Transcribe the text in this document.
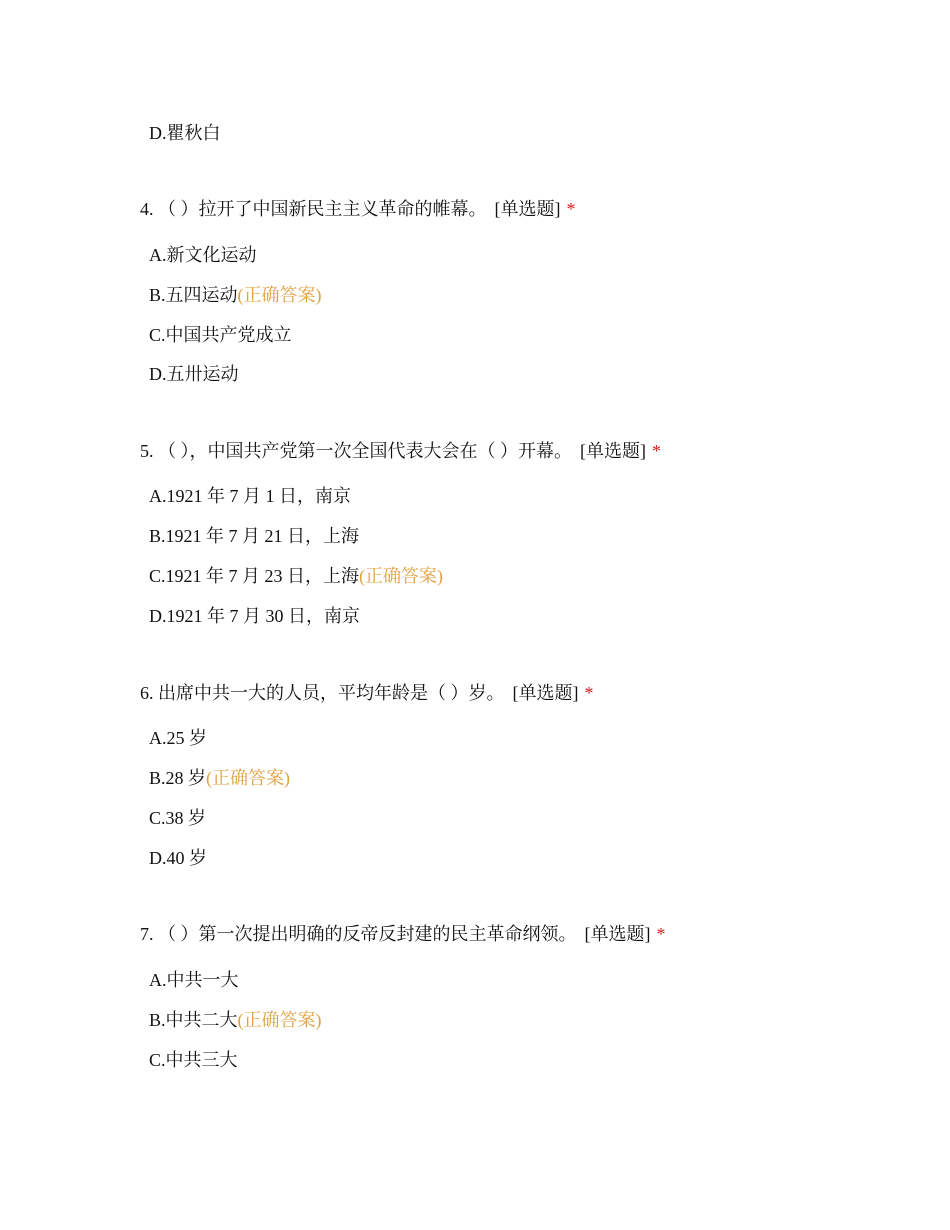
D.瞿秋白
4. （ ）拉开了中国新民主主义革命的帷幕。 [单选题] *
A.新文化运动
B.五四运动(正确答案)
C.中国共产党成立
D.五卅运动
5. （ ），中国共产党第一次全国代表大会在（ ）开幕。 [单选题] *
A.1921 年 7 月 1 日，南京
B.1921 年 7 月 21 日，上海
C.1921 年 7 月 23 日，上海(正确答案)
D.1921 年 7 月 30 日，南京
6. 出席中共一大的人员，平均年龄是（ ）岁。 [单选题] *
A.25 岁
B.28 岁(正确答案)
C.38 岁
D.40 岁
7. （ ）第一次提出明确的反帝反封建的民主革命纲领。 [单选题] *
A.中共一大
B.中共二大(正确答案)
C.中共三大
